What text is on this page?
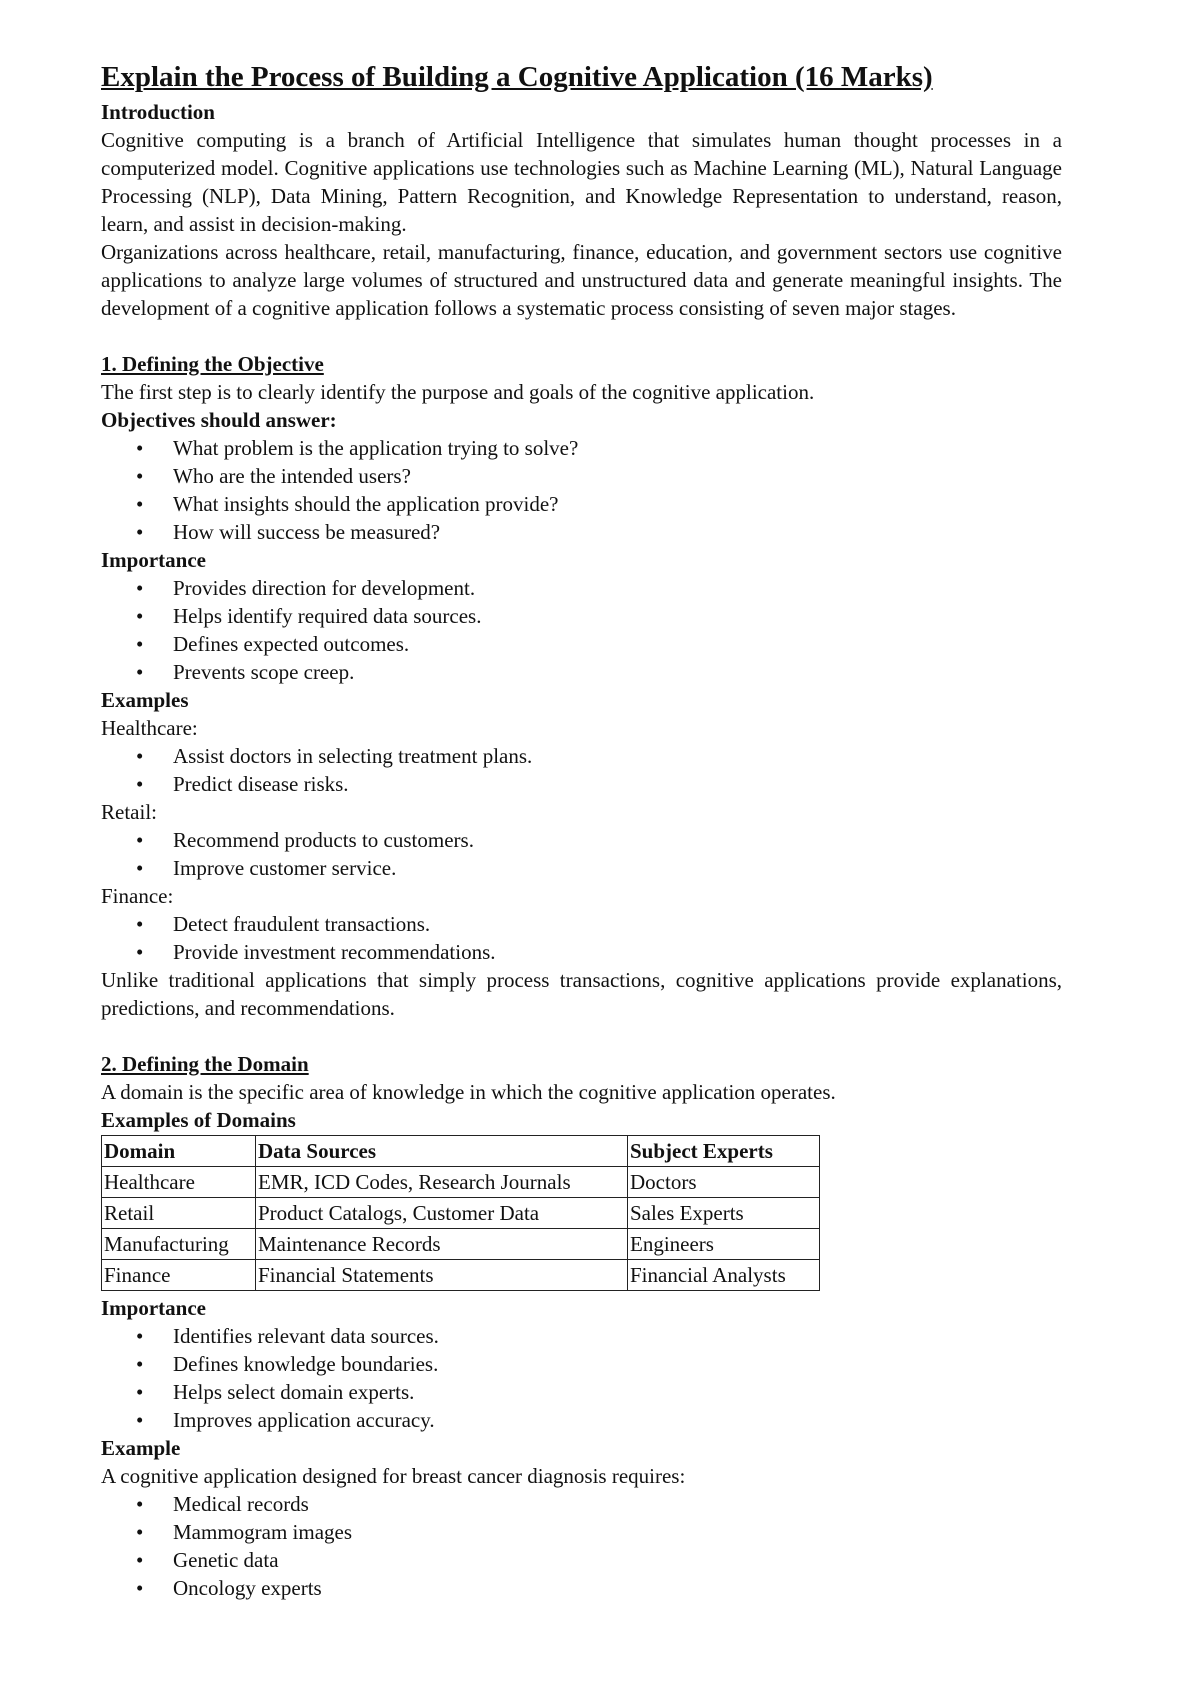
Explain the Process of Building a Cognitive Application (16 Marks)
Introduction

Cognitive computing is a branch of Artificial Intelligence that simulates human thought processes in a computerized model. Cognitive applications use technologies such as Machine Learning (ML), Natural Language Processing (NLP), Data Mining, Pattern Recognition, and Knowledge Representation to understand, reason, learn, and assist in decision-making.

Organizations across healthcare, retail, manufacturing, finance, education, and government sectors use cognitive applications to analyze large volumes of structured and unstructured data and generate meaningful insights. The development of a cognitive application follows a systematic process consisting of seven major stages.

1. Defining the Objective

The first step is to clearly identify the purpose and goals of the cognitive application.

Objectives should answer:
• What problem is the application trying to solve?
• Who are the intended users?
• What insights should the application provide?
• How will success be measured?
Importance
• Provides direction for development.
• Helps identify required data sources.
• Defines expected outcomes.
• Prevents scope creep.
Examples
Healthcare:
• Assist doctors in selecting treatment plans.
• Predict disease risks.
Retail:
• Recommend products to customers.
• Improve customer service.
Finance:
• Detect fraudulent transactions.
• Provide investment recommendations.

Unlike traditional applications that simply process transactions, cognitive applications provide explanations, predictions, and recommendations.

2. Defining the Domain

A domain is the specific area of knowledge in which the cognitive application operates.

Examples of Domains
Domain	Data Sources	Subject Experts
Healthcare	EMR, ICD Codes, Research Journals	Doctors
Retail	Product Catalogs, Customer Data	Sales Experts
Manufacturing	Maintenance Records	Engineers
Finance	Financial Statements	Financial Analysts
Importance
• Identifies relevant data sources.
• Defines knowledge boundaries.
• Helps select domain experts.
• Improves application accuracy.
Example

A cognitive application designed for breast cancer diagnosis requires:

• Medical records
• Mammogram images
• Genetic data
• Oncology experts
